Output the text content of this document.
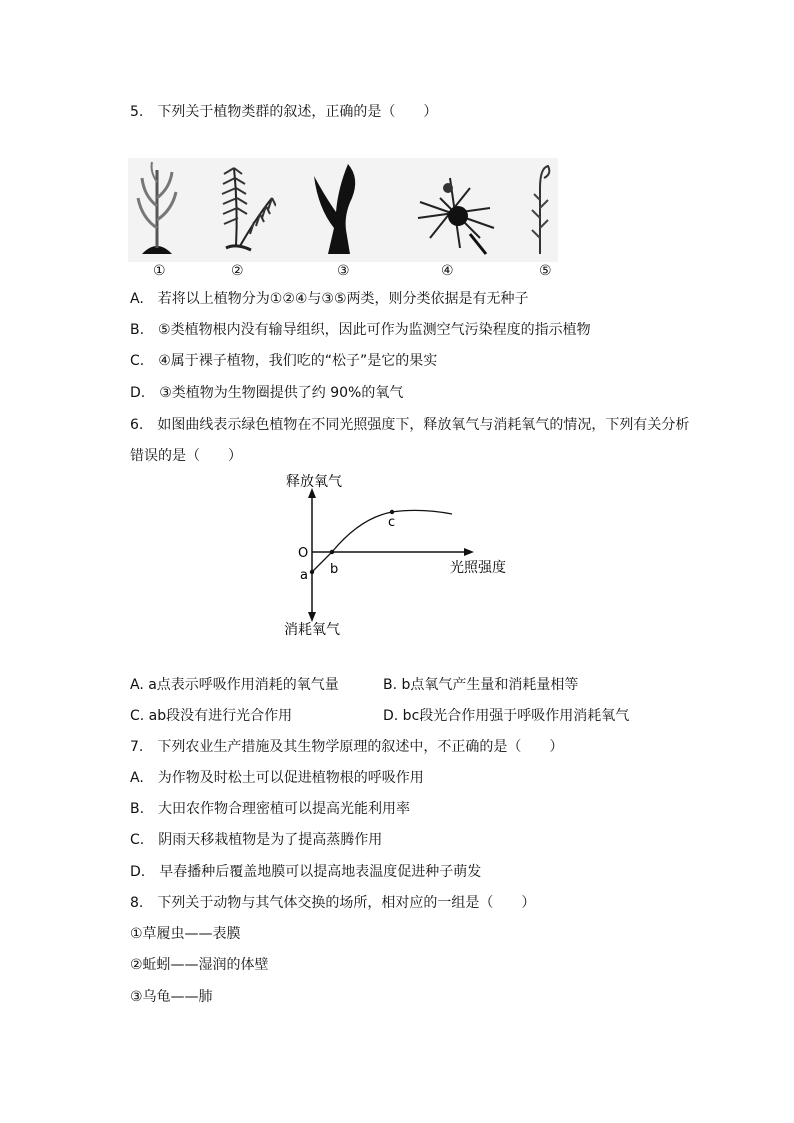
5.　下列关于植物类群的叙述，正确的是（　　）
①	②	③	④	⑤
A.　若将以上植物分为①②④与③⑤两类，则分类依据是有无种子
B.　⑤类植物根内没有输导组织，因此可作为监测空气污染程度的指示植物
C.　④属于裸子植物，我们吃的“松子”是它的果实
D.　③类植物为生物圈提供了约 90%的氧气
6.　如图曲线表示绿色植物在不同光照强度下，释放氧气与消耗氧气的情况，下列有关分析
错误的是（　　）
释放氧气
消耗氧气
光照强度
O
a b
c
A. a点表示呼吸作用消耗的氧气量	B. b点氧气产生量和消耗量相等
C. ab段没有进行光合作用	D. bc段光合作用强于呼吸作用消耗氧气
7.　下列农业生产措施及其生物学原理的叙述中，不正确的是（　　）
A.　为作物及时松土可以促进植物根的呼吸作用
B.　大田农作物合理密植可以提高光能利用率
C.　阴雨天移栽植物是为了提高蒸腾作用
D.　早春播种后覆盖地膜可以提高地表温度促进种子萌发
8.　下列关于动物与其气体交换的场所，相对应的一组是（　　）
①草履虫——表膜
②蚯蚓——湿润的体壁
③乌龟——肺
